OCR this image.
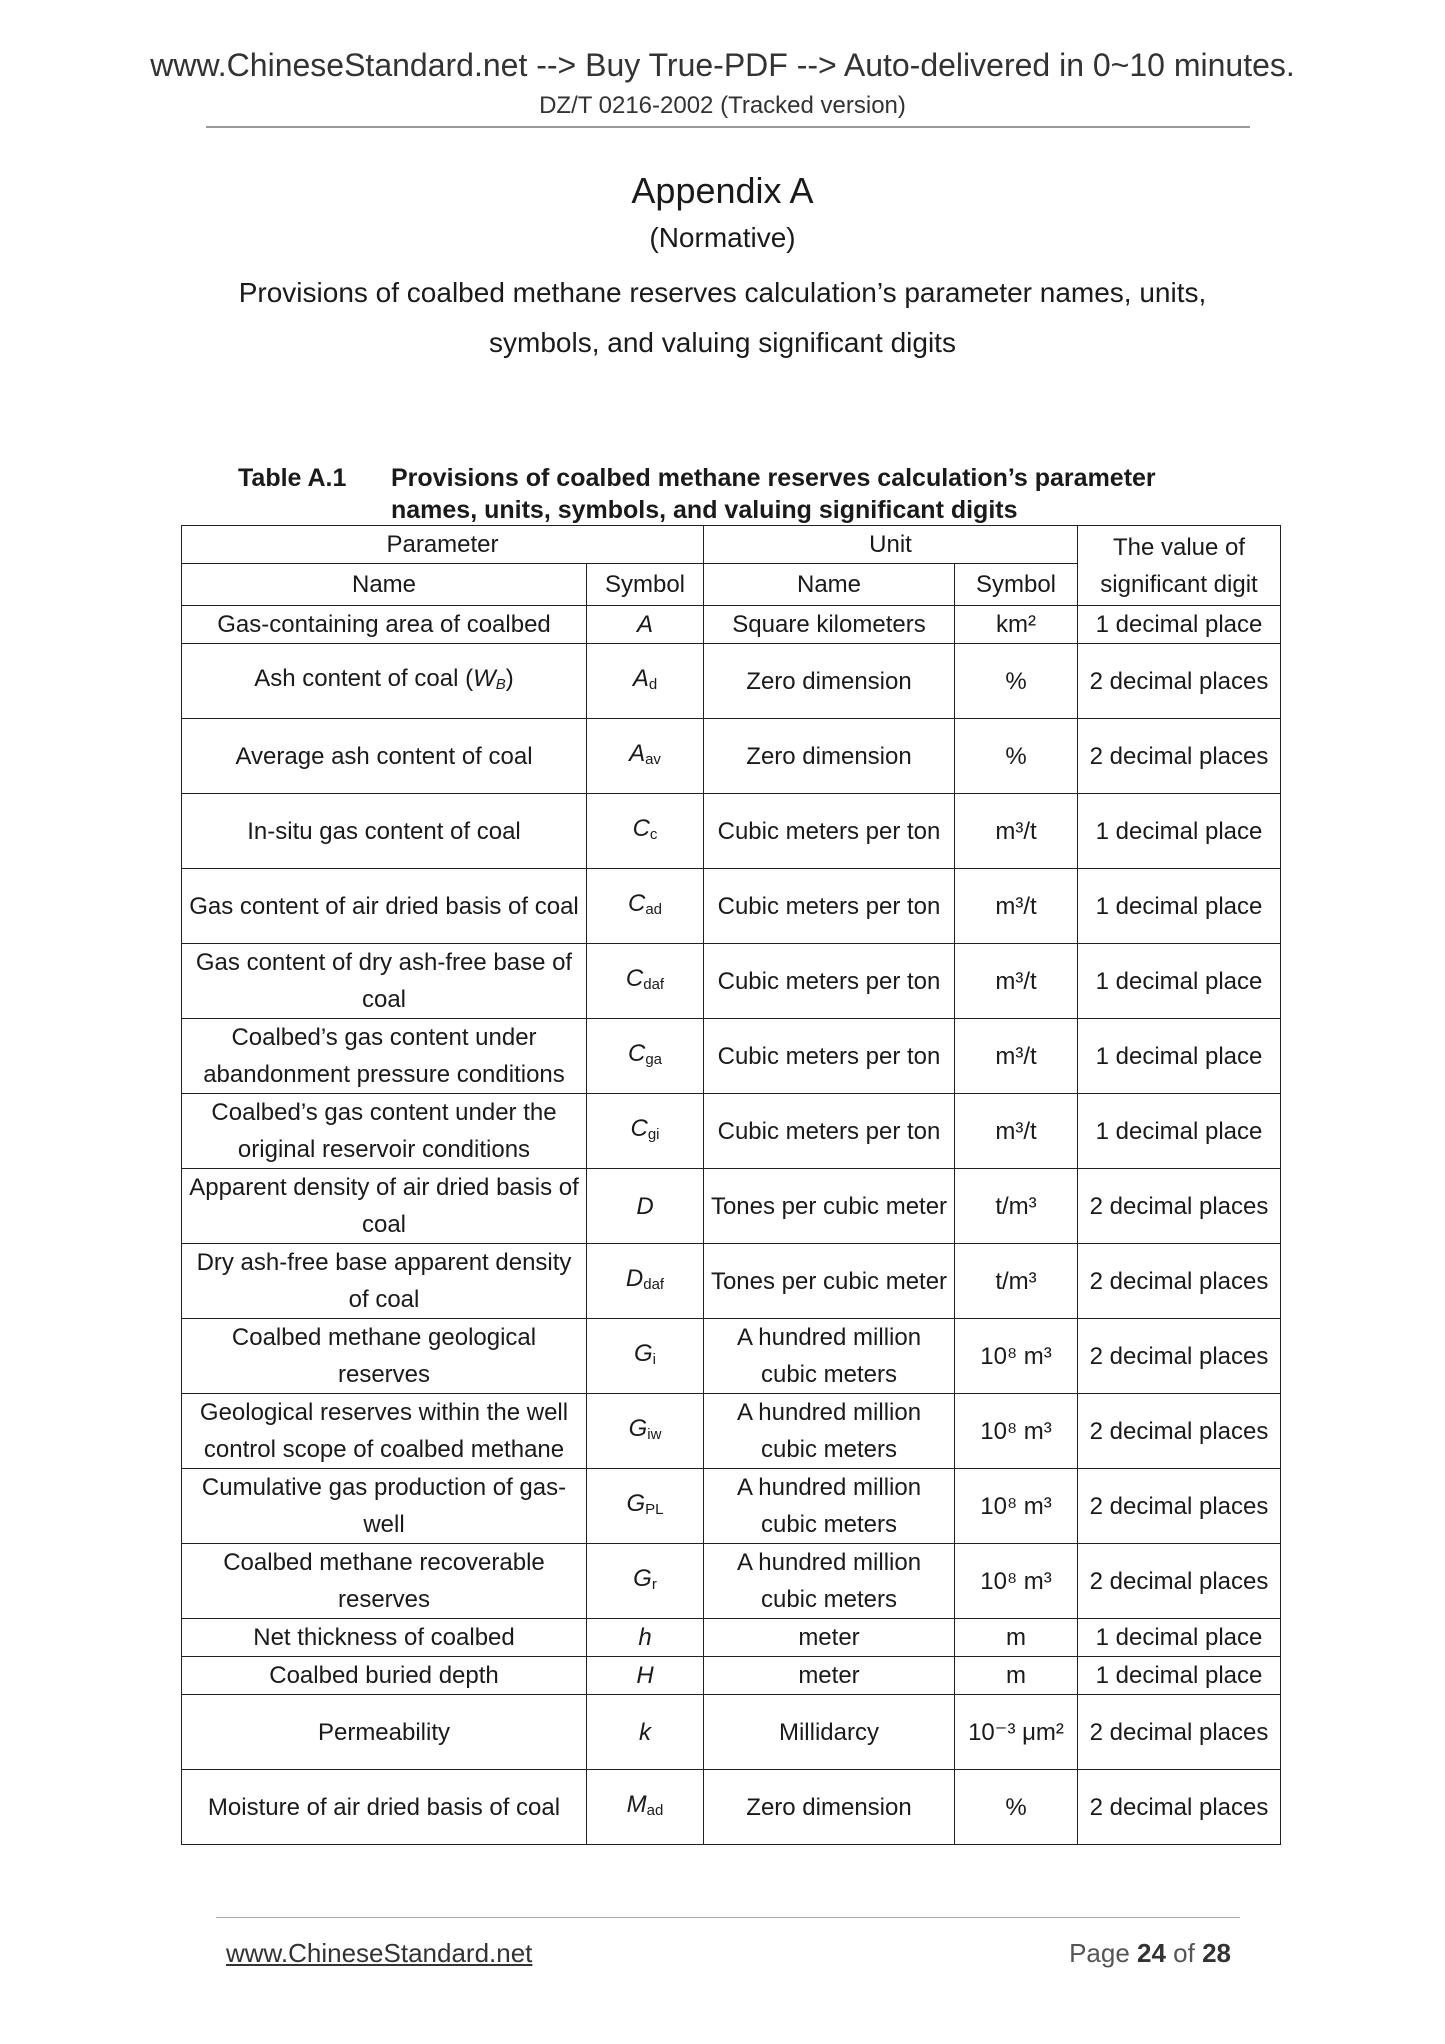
www.ChineseStandard.net --> Buy True-PDF --> Auto-delivered in 0~10 minutes.
DZ/T 0216-2002 (Tracked version)
Appendix A
(Normative)
Provisions of coalbed methane reserves calculation’s parameter names, units,
symbols, and valuing significant digits
Table A.1 Provisions of coalbed methane reserves calculation’s parameter
names, units, symbols, and valuing significant digits
Parameter		Unit		The value of significant digit
Name	Symbol	Name	Symbol	
Gas-containing area of coalbed	A	Square kilometers	km²	1 decimal place
Ash content of coal $(W_B)$	$A_d$	Zero dimension	%	2 decimal places
Average ash content of coal	$A_{av}$	Zero dimension	%	2 decimal places
In-situ gas content of coal	$C_c$	Cubic meters per ton	m³/t	1 decimal place
Gas content of air dried basis of coal	$C_{ad}$	Cubic meters per ton	m³/t	1 decimal place
Gas content of dry ash-free base of coal	$C_{daf}$	Cubic meters per ton	m³/t	1 decimal place
Coalbed’s gas content under abandonment pressure conditions	$C_{ga}$	Cubic meters per ton	m³/t	1 decimal place
Coalbed’s gas content under the original reservoir conditions	$C_{gi}$	Cubic meters per ton	m³/t	1 decimal place
Apparent density of air dried basis of coal	D	Tones per cubic meter	t/m³	2 decimal places
Dry ash-free base apparent density of coal	$D_{daf}$	Tones per cubic meter	t/m³	2 decimal places
Coalbed methane geological reserves	$G_i$	A hundred million cubic meters	10⁸ m³	2 decimal places
Geological reserves within the well control scope of coalbed methane	$G_{iw}$	A hundred million cubic meters	10⁸ m³	2 decimal places
Cumulative gas production of gas-well	$G_{PL}$	A hundred million cubic meters	10⁸ m³	2 decimal places
Coalbed methane recoverable reserves	$G_r$	A hundred million cubic meters	10⁸ m³	2 decimal places
Net thickness of coalbed	h	meter	m	1 decimal place
Coalbed buried depth	H	meter	m	1 decimal place
Permeability	k	Millidarcy	10⁻³ μm²	2 decimal places
Moisture of air dried basis of coal	$M_{ad}$	Zero dimension	%	2 decimal places
www.ChineseStandard.net	Page 24 of 28
